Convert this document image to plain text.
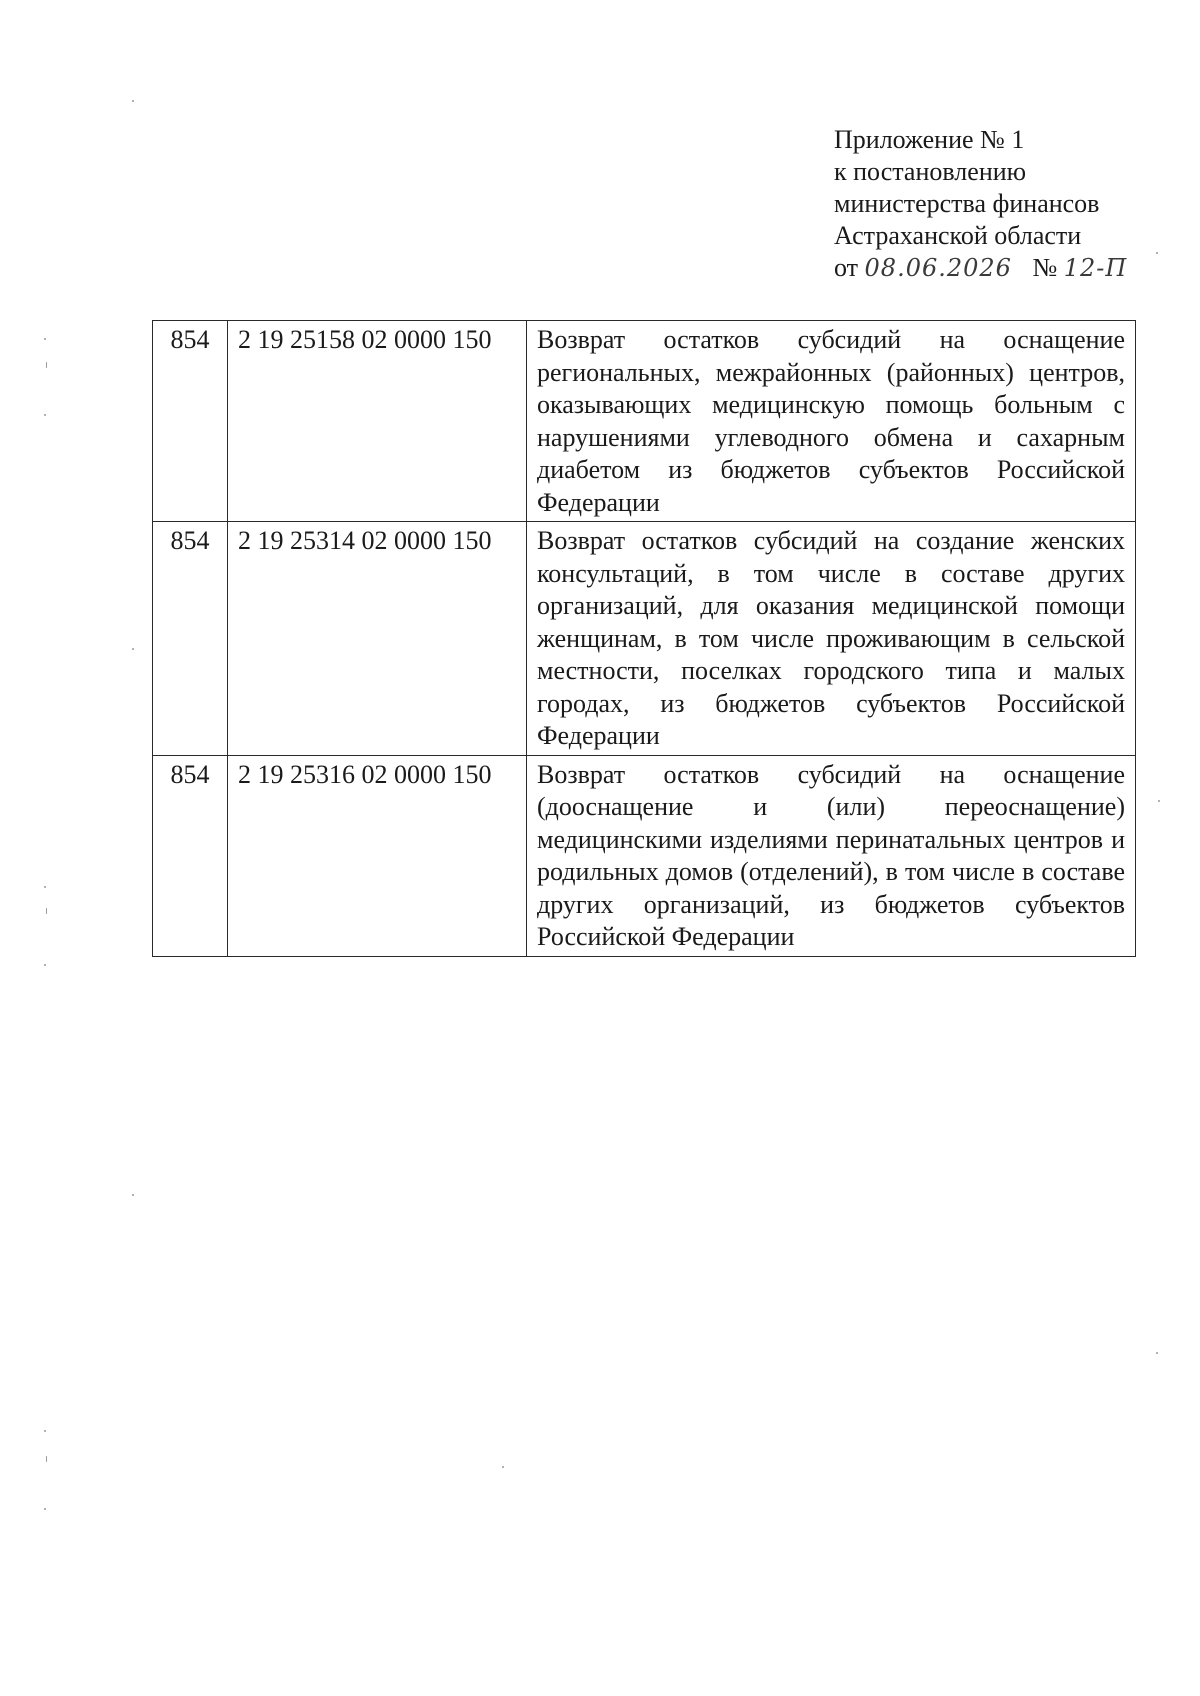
Приложение № 1
к постановлению
министерства финансов
Астраханской области
от 08.06.2026 № 12-П
854	2 19 25158 02 0000 150	Возврат остатков субсидий на оснащение региональных, межрайонных (районных) центров, оказывающих медицинскую помощь больным с нарушениями углеводного обмена и сахарным диабетом из бюджетов субъектов Российской Федерации
854	2 19 25314 02 0000 150	Возврат остатков субсидий на создание женских консультаций, в том числе в составе других организаций, для оказания медицинской помощи женщинам, в том числе проживающим в сельской местности, поселках городского типа и малых городах, из бюджетов субъектов Российской Федерации
854	2 19 25316 02 0000 150	Возврат остатков субсидий на оснащение (дооснащение и (или) переоснащение) медицинскими изделиями перинатальных центров и родильных домов (отделений), в том числе в составе других организаций, из бюджетов субъектов Российской Федерации
